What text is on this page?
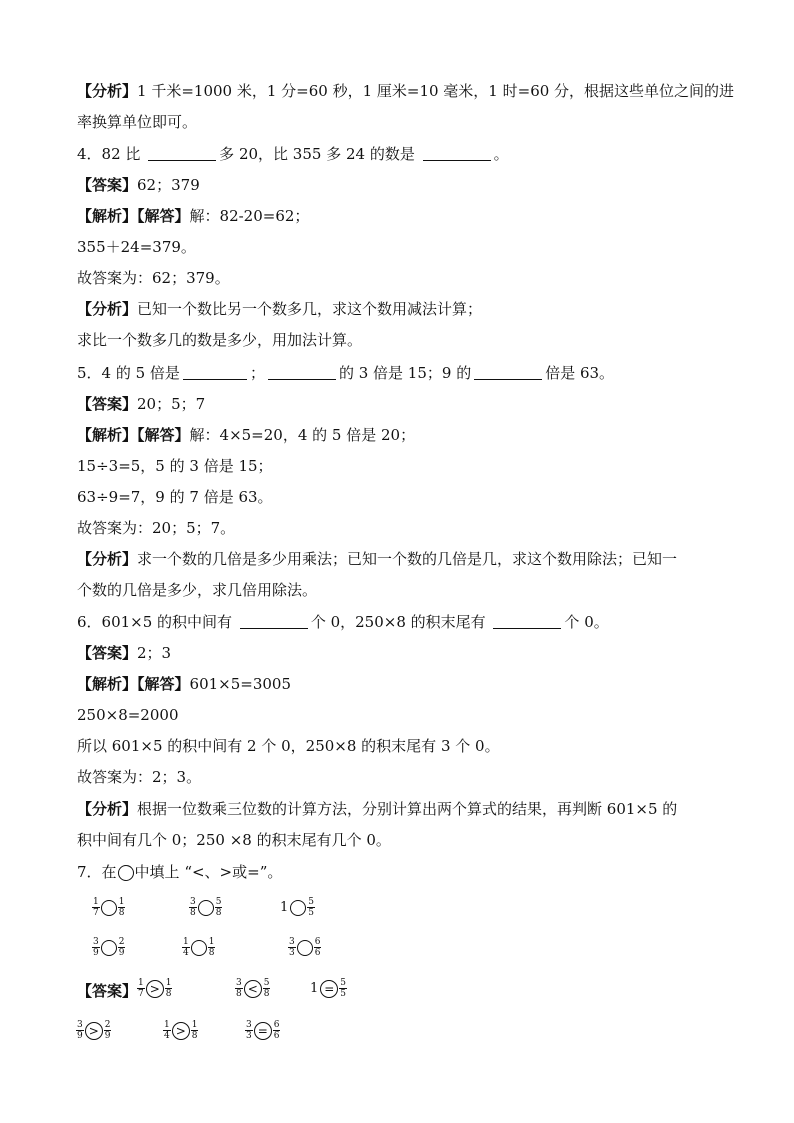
【分析】1 千米=1000 米，1 分=60 秒，1 厘米=10 毫米，1 时=60 分，根据这些单位之间的进
率换算单位即可。
4．82 比	多 20，比 355 多 24 的数是	。
【答案】62；379
【解析】【解答】解：82-20=62；
355＋24=379。
故答案为：62；379。
【分析】已知一个数比另一个数多几，求这个数用减法计算；
求比一个数多几的数是多少，用加法计算。
5．4 的 5 倍是	；	的 3 倍是 15；9 的	倍是 63。
【答案】20；5；7
【解析】【解答】解：4×5=20，4 的 5 倍是 20；
15÷3=5，5 的 3 倍是 15；
63÷9=7，9 的 7 倍是 63。
故答案为：20；5；7。
【分析】求一个数的几倍是多少用乘法；已知一个数的几倍是几，求这个数用除法；已知一
个数的几倍是多少，求几倍用除法。
6．601×5 的积中间有	个 0，250×8 的积末尾有	个 0。
【答案】2；3
【解析】【解答】601×5=3005
250×8=2000
所以 601×5 的积中间有 2 个 0，250×8 的积末尾有 3 个 0。
故答案为：2；3。
【分析】根据一位数乘三位数的计算方法，分别计算出两个算式的结果，再判断 601×5 的
积中间有几个 0；250 ×8 的积末尾有几个 0。
7．在 中填上 “<、>或=”。
【答案】
$\frac{1}{7} \frac{1}{8}$	$\frac{3}{8} \frac{5}{8}$	$1 \frac{5}{5}$
$\frac{3}{9} \frac{2}{9}$	$\frac{1}{4} \frac{1}{8}$	$\frac{3}{3} \frac{6}{6}$
$\frac{1}{7} > \frac{1}{8}$	$\frac{3}{8} < \frac{5}{8}$	$1 = \frac{5}{5}$
$\frac{3}{9} > \frac{2}{9}$	$\frac{1}{4} > \frac{1}{8}$	$\frac{3}{3} = \frac{6}{6}$
